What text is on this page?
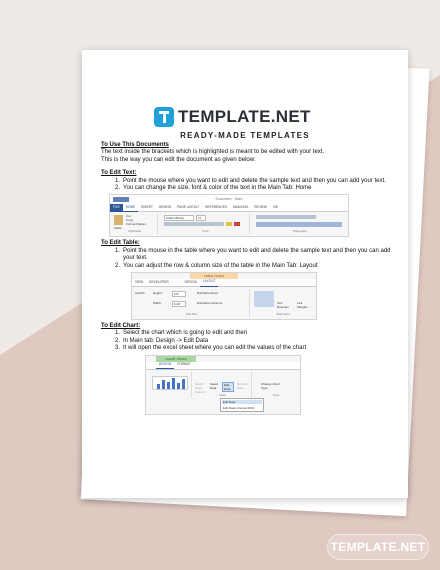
TEMPLATE.NET
READY-MADE TEMPLATES
To Use This Documents
The text inside the brackets which is highlighted is meant to be edited with your text.
This is the way you can edit the document as given below:
To Edit Text:
1. Point the mouse where you want to edit and delete the sample text and then you can add your text.
2. You can change the size, font & color of the text in the Main Tab: Home
Document1 - Word
FILE	HOME	INSERT	DESIGN	PAGE LAYOUT	REFERENCES	MAILINGS	REVIEW	VIE
Paste
Cut
Copy
Format Painter
Clipboard
Calibri (Body)	11
Font	Paragraph
To Edit Table:
1. Point the mouse in the table where you want to edit and delete the sample text and then you can add your text.
2. You can adjust the row & column size of the table in the Main Tab: Layout
TABLE TOOLS
VIEW	DEVELOPER	DESIGN	LAYOUT
AutoFit	Height:	0.8"
Width:	6.26"
Distribute Rows
Distribute Columns
Cell Size
Text Direction
Cell Margins
Alignment
To Edit Chart:
1. Select the chart which is going to edit and then
2. In Main tab: Design -> Edit Data
3. It will open the excel sheet where you can edit the values of the chart
CHART TOOLS
DESIGN	FORMAT
Switch Row/ Column
Select Data
Edit Data
Refresh Data
Data
Change Chart Type
Type
Edit Data
Edit Data in Excel 2013
TEMPLATE.NET
